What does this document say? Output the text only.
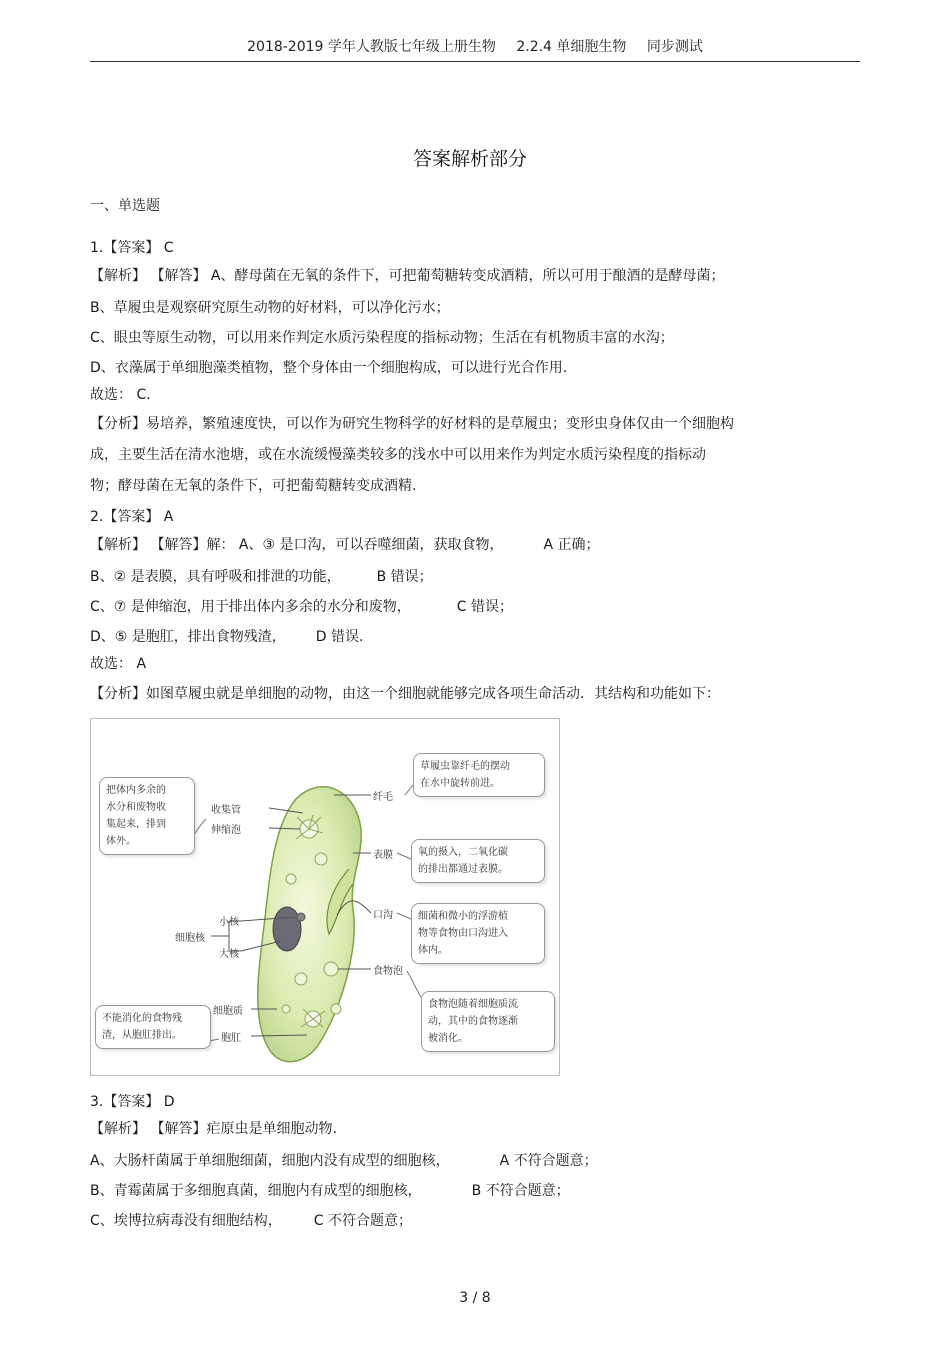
2018-2019 学年人教版七年级上册生物 2.2.4 单细胞生物 同步测试
答案解析部分
一、单选题
1.【答案】 C
【解析】 【解答】 A、酵母菌在无氧的条件下，可把葡萄糖转变成酒精，所以可用于酿酒的是酵母菌；
B、草履虫是观察研究原生动物的好材料，可以净化污水；
C、眼虫等原生动物，可以用来作判定水质污染程度的指标动物；生活在有机物质丰富的水沟；
D、衣藻属于单细胞藻类植物，整个身体由一个细胞构成，可以进行光合作用.
故选： C.
【分析】易培养，繁殖速度快，可以作为研究生物科学的好材料的是草履虫；变形虫身体仅由一个细胞构
成，主要生活在清水池塘，或在水流缓慢藻类较多的浅水中可以用来作为判定水质污染程度的指标动
物；酵母菌在无氧的条件下，可把葡萄糖转变成酒精.
2.【答案】 A
【解析】 【解答】解： A、③ 是口沟，可以吞噬细菌，获取食物，	A 正确；
B、② 是表膜，具有呼吸和排泄的功能，	B 错误；
C、⑦ 是伸缩泡，用于排出体内多余的水分和废物，	C 错误；
D、⑤ 是胞肛，排出食物残渣， D 错误.
故选： A
【分析】如图草履虫就是单细胞的动物，由这一个细胞就能够完成各项生命活动．其结构和功能如下：
3.【答案】 D
【解析】 【解答】疟原虫是单细胞动物.
A、大肠杆菌属于单细胞细菌，细胞内没有成型的细胞核，	A 不符合题意；
B、青霉菌属于多细胞真菌，细胞内有成型的细胞核，	B 不符合题意；
C、埃博拉病毒没有细胞结构， C 不符合题意；
把体内多余的
水分和废物收
集起来，排到
体外。
不能消化的食物残
渣，从胞肛排出。
草履虫靠纤毛的摆动
在水中旋转前进。
氧的摄入，二氧化碳
的排出都通过表膜。
细菌和微小的浮游植
物等食物由口沟进入
体内。
食物泡随着细胞质流
动，其中的食物逐渐
被消化。
收集管
伸缩泡
细胞核
小核
大核
细胞质
胞肛
纤毛
表膜
口沟
食物泡
3 / 8
